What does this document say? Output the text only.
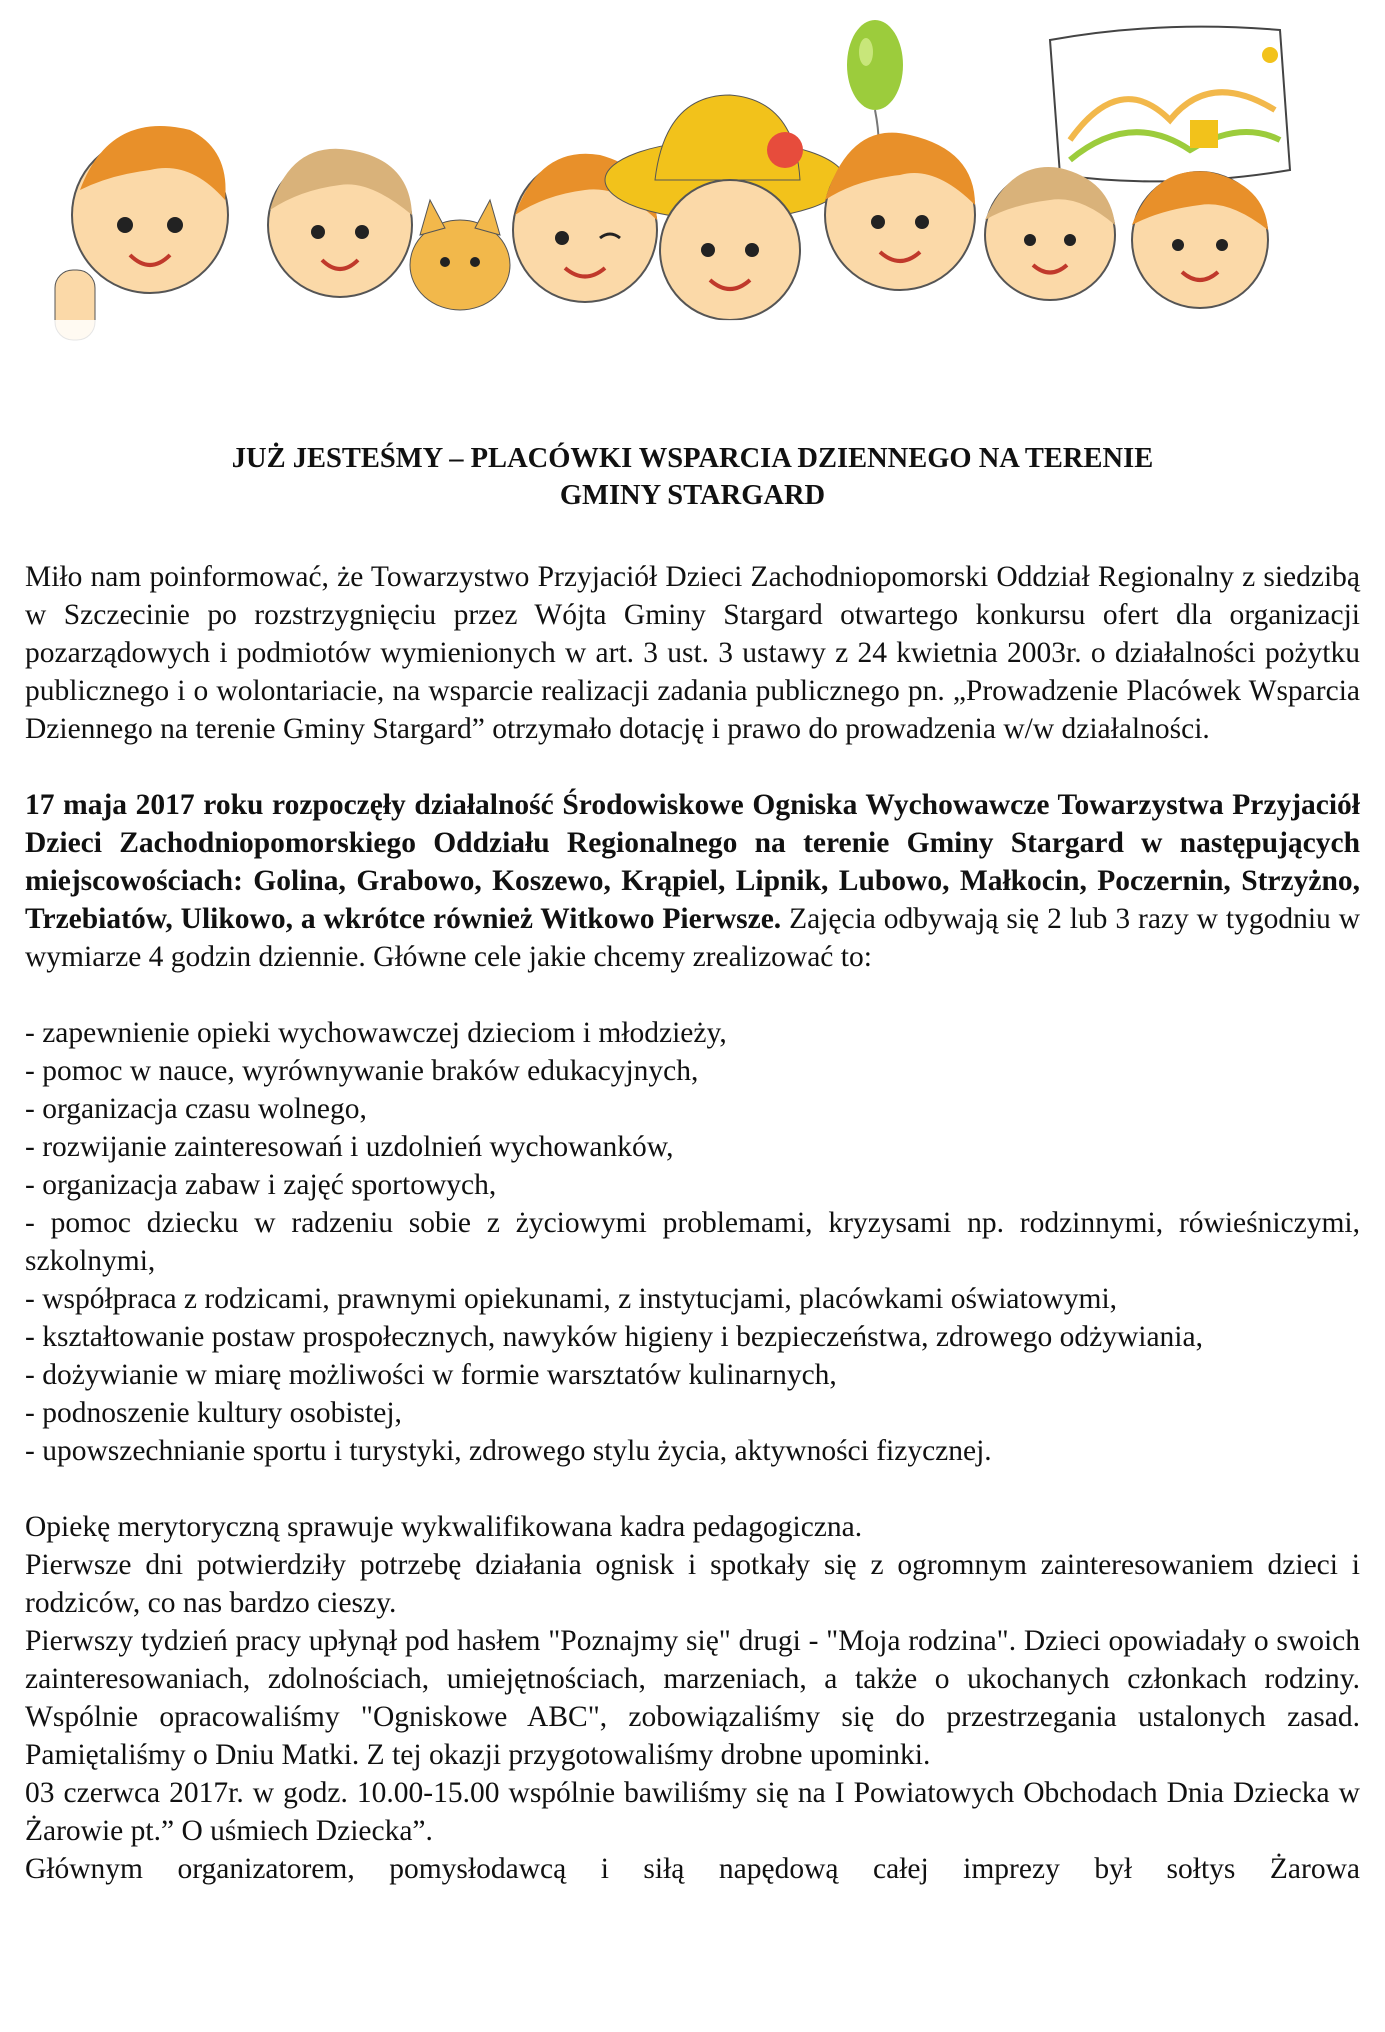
JUŻ JESTEŚMY – PLACÓWKI WSPARCIA DZIENNEGO NA TERENIE

GMINY STARGARD

Miło nam poinformować, że Towarzystwo Przyjaciół Dzieci Zachodniopomorski Oddział Regionalny z siedzibą w Szczecinie po rozstrzygnięciu przez Wójta Gminy Stargard otwartego konkursu ofert dla organizacji pozarządowych i podmiotów wymienionych w art. 3 ust. 3 ustawy z 24 kwietnia 2003r. o działalności pożytku publicznego i o wolontariacie, na wsparcie realizacji zadania publicznego pn. „Prowadzenie Placówek Wsparcia Dziennego na terenie Gminy Stargard” otrzymało dotację i prawo do prowadzenia w/w działalności.

17 maja 2017 roku rozpoczęły działalność Środowiskowe Ogniska Wychowawcze Towarzystwa Przyjaciół Dzieci Zachodniopomorskiego Oddziału Regionalnego na terenie Gminy Stargard w następujących miejscowościach: Golina, Grabowo, Koszewo, Krąpiel, Lipnik, Lubowo, Małkocin, Poczernin, Strzyżno, Trzebiatów, Ulikowo, a wkrótce również Witkowo Pierwsze. Zajęcia odbywają się 2 lub 3 razy w tygodniu w wymiarze 4 godzin dziennie. Główne cele jakie chcemy zrealizować to:

- zapewnienie opieki wychowawczej dzieciom i młodzieży,

- pomoc w nauce, wyrównywanie braków edukacyjnych,

- organizacja czasu wolnego,

- rozwijanie zainteresowań i uzdolnień wychowanków,

- organizacja zabaw i zajęć sportowych,

- pomoc dziecku w radzeniu sobie z życiowymi problemami, kryzysami np. rodzinnymi, rówieśniczymi, szkolnymi,

- współpraca z rodzicami, prawnymi opiekunami, z instytucjami, placówkami oświatowymi,

- kształtowanie postaw prospołecznych, nawyków higieny i bezpieczeństwa, zdrowego odżywiania,

- dożywianie w miarę możliwości w formie warsztatów kulinarnych,

- podnoszenie kultury osobistej,

- upowszechnianie sportu i turystyki, zdrowego stylu życia, aktywności fizycznej.

Opiekę merytoryczną sprawuje wykwalifikowana kadra pedagogiczna.

Pierwsze dni potwierdziły potrzebę działania ognisk i spotkały się z ogromnym zainteresowaniem dzieci i rodziców, co nas bardzo cieszy.

Pierwszy tydzień pracy upłynął pod hasłem "Poznajmy się" drugi - "Moja rodzina". Dzieci opowiadały o swoich zainteresowaniach, zdolnościach, umiejętnościach, marzeniach, a także o ukochanych członkach rodziny. Wspólnie opracowaliśmy "Ogniskowe ABC", zobowiązaliśmy się do przestrzegania ustalonych zasad. Pamiętaliśmy o Dniu Matki. Z tej okazji przygotowaliśmy drobne upominki.

03 czerwca 2017r. w godz. 10.00-15.00 wspólnie bawiliśmy się na I Powiatowych Obchodach Dnia Dziecka w Żarowie pt.” O uśmiech Dziecka”.

Głównym organizatorem, pomysłodawcą i siłą napędową całej imprezy był sołtys Żarowa
